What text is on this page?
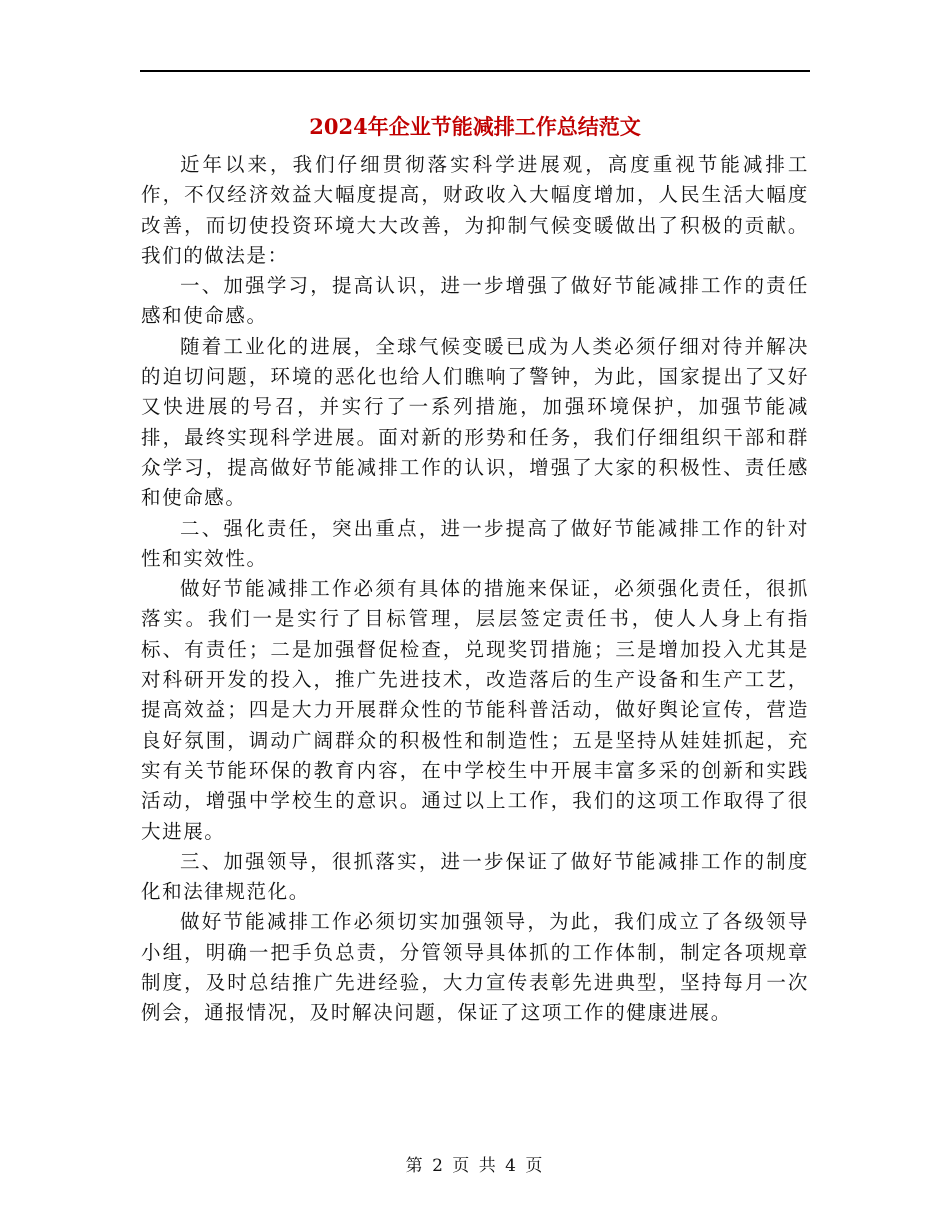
2024年企业节能减排工作总结范文

近年以来，我们仔细贯彻落实科学进展观，高度重视节能减排工作，不仅经济效益大幅度提高，财政收入大幅度增加，人民生活大幅度改善，而切使投资环境大大改善，为抑制气候变暖做出了积极的贡献。我们的做法是：

一、加强学习，提高认识，进一步增强了做好节能减排工作的责任感和使命感。

随着工业化的进展，全球气候变暖已成为人类必须仔细对待并解决的迫切问题，环境的恶化也给人们瞧响了警钟，为此，国家提出了又好又快进展的号召，并实行了一系列措施，加强环境保护，加强节能减排，最终实现科学进展。面对新的形势和任务，我们仔细组织干部和群众学习，提高做好节能减排工作的认识，增强了大家的积极性、责任感和使命感。

二、强化责任，突出重点，进一步提高了做好节能减排工作的针对性和实效性。

做好节能减排工作必须有具体的措施来保证，必须强化责任，很抓落实。我们一是实行了目标管理，层层签定责任书，使人人身上有指标、有责任；二是加强督促检查，兑现奖罚措施；三是增加投入尤其是对科研开发的投入，推广先进技术，改造落后的生产设备和生产工艺，提高效益；四是大力开展群众性的节能科普活动，做好舆论宣传，营造良好氛围，调动广阔群众的积极性和制造性；五是坚持从娃娃抓起，充实有关节能环保的教育内容，在中学校生中开展丰富多采的创新和实践活动，增强中学校生的意识。通过以上工作，我们的这项工作取得了很大进展。

三、加强领导，很抓落实，进一步保证了做好节能减排工作的制度化和法律规范化。

做好节能减排工作必须切实加强领导，为此，我们成立了各级领导小组，明确一把手负总责，分管领导具体抓的工作体制，制定各项规章制度，及时总结推广先进经验，大力宣传表彰先进典型，坚持每月一次例会，通报情况，及时解决问题，保证了这项工作的健康进展。

第 2 页 共 4 页
